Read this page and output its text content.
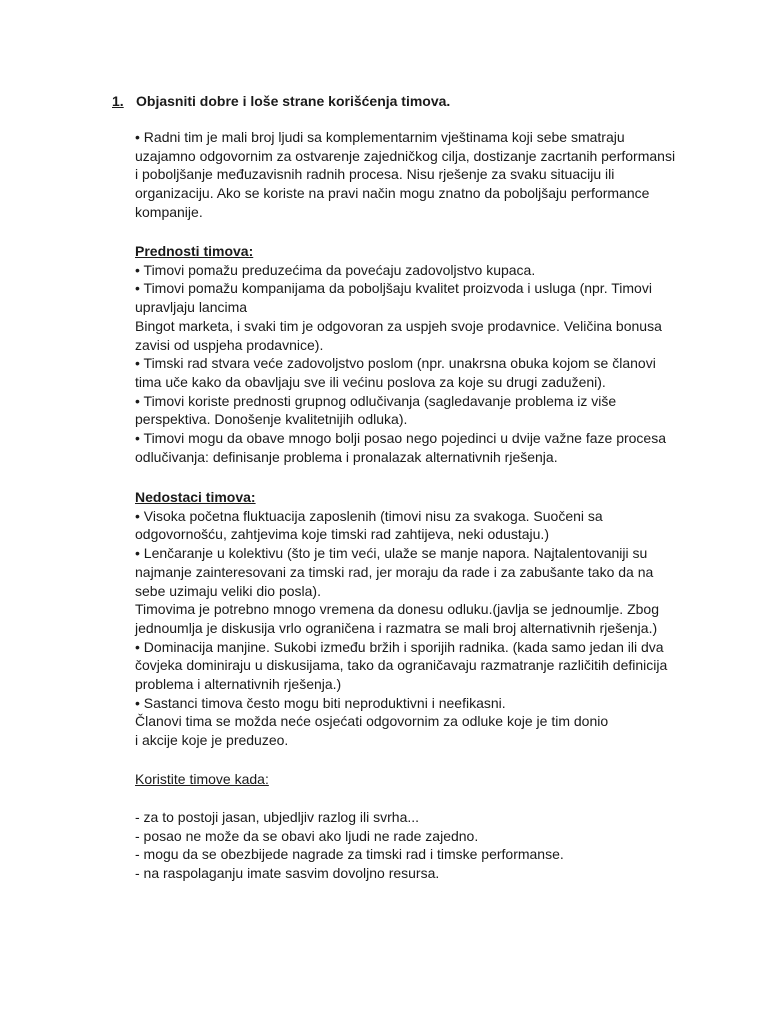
1. Objasniti dobre i loše strane korišćenja timova.
• Radni tim je mali broj ljudi sa komplementarnim vještinama koji sebe smatraju
uzajamno odgovornim za ostvarenje zajedničkog cilja, dostizanje zacrtanih performansi
i poboljšanje međuzavisnih radnih procesa. Nisu rješenje za svaku situaciju ili
organizaciju. Ako se koriste na pravi način mogu znatno da poboljšaju performance
kompanije.
Prednosti timova:
• Timovi pomažu preduzećima da povećaju zadovoljstvo kupaca.
• Timovi pomažu kompanijama da poboljšaju kvalitet proizvoda i usluga (npr. Timovi
upravljaju lancima
Bingot marketa, i svaki tim je odgovoran za uspjeh svoje prodavnice. Veličina bonusa
zavisi od uspjeha prodavnice).
• Timski rad stvara veće zadovoljstvo poslom (npr. unakrsna obuka kojom se članovi
tima uče kako da obavljaju sve ili većinu poslova za koje su drugi zaduženi).
• Timovi koriste prednosti grupnog odlučivanja (sagledavanje problema iz više
perspektiva. Donošenje kvalitetnijih odluka).
• Timovi mogu da obave mnogo bolji posao nego pojedinci u dvije važne faze procesa
odlučivanja: definisanje problema i pronalazak alternativnih rješenja.
Nedostaci timova:
• Visoka početna fluktuacija zaposlenih (timovi nisu za svakoga. Suočeni sa
odgovornošću, zahtjevima koje timski rad zahtijeva, neki odustaju.)
• Lenčaranje u kolektivu (što je tim veći, ulaže se manje napora. Najtalentovaniji su
najmanje zainteresovani za timski rad, jer moraju da rade i za zabušante tako da na
sebe uzimaju veliki dio posla).
Timovima je potrebno mnogo vremena da donesu odluku.(javlja se jednoumlje. Zbog
jednoumlja je diskusija vrlo ograničena i razmatra se mali broj alternativnih rješenja.)
• Dominacija manjine. Sukobi između bržih i sporijih radnika. (kada samo jedan ili dva
čovjeka dominiraju u diskusijama, tako da ograničavaju razmatranje različitih definicija
problema i alternativnih rješenja.)
• Sastanci timova često mogu biti neproduktivni i neefikasni.
Članovi tima se možda neće osjećati odgovornim za odluke koje je tim donio
i akcije koje je preduzeo.
Koristite timove kada:
- za to postoji jasan, ubjedljiv razlog ili svrha...
- posao ne može da se obavi ako ljudi ne rade zajedno.
- mogu da se obezbijede nagrade za timski rad i timske performanse.
- na raspolaganju imate sasvim dovoljno resursa.
